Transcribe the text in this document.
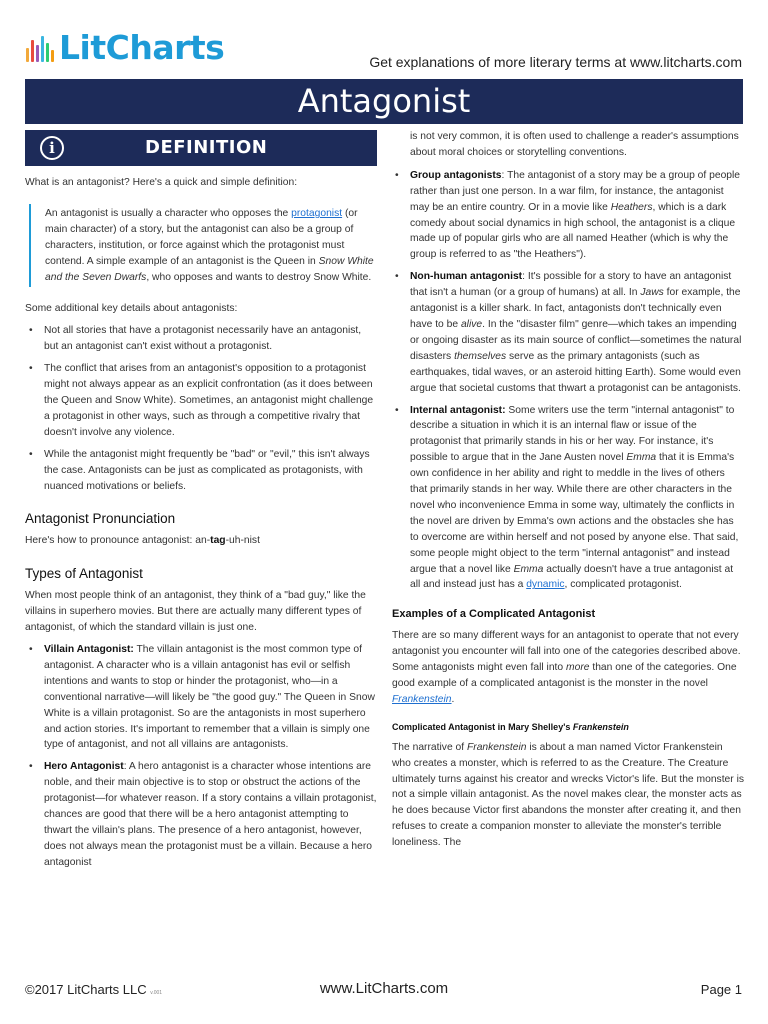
LitCharts	Get explanations of more literary terms at www.litcharts.com
Antagonist
i	DEFINITION

What is an antagonist? Here's a quick and simple definition:

An antagonist is usually a character who opposes the protagonist (or main character) of a story, but the antagonist can also be a group of characters, institution, or force against which the protagonist must contend. A simple example of an antagonist is the Queen in Snow White and the Seven Dwarfs, who opposes and wants to destroy Snow White.

Some additional key details about antagonists:

• Not all stories that have a protagonist necessarily have an antagonist, but an antagonist can't exist without a protagonist.
• The conflict that arises from an antagonist's opposition to a protagonist might not always appear as an explicit confrontation (as it does between the Queen and Snow White). Sometimes, an antagonist might challenge a protagonist in other ways, such as through a competitive rivalry that doesn't involve any violence.
• While the antagonist might frequently be "bad" or "evil," this isn't always the case. Antagonists can be just as complicated as protagonists, with nuanced motivations or beliefs.
Antagonist Pronunciation

Here's how to pronounce antagonist: an-tag-uh-nist

Types of Antagonist

When most people think of an antagonist, they think of a "bad guy," like the villains in superhero movies. But there are actually many different types of antagonist, of which the standard villain is just one.

• Villain Antagonist: The villain antagonist is the most common type of antagonist. A character who is a villain antagonist has evil or selfish intentions and wants to stop or hinder the protagonist, who—in a conventional narrative—will likely be "the good guy." The Queen in Snow White is a villain protagonist. So are the antagonists in most superhero and action stories. It's important to remember that a villain is simply one type of antagonist, and not all villains are antagonists.
• Hero Antagonist: A hero antagonist is a character whose intentions are noble, and their main objective is to stop or obstruct the actions of the protagonist—for whatever reason. If a story contains a villain protagonist, chances are good that there will be a hero antagonist attempting to thwart the villain's plans. The presence of a hero antagonist, however, does not always mean the protagonist must be a villain. Because a hero antagonist

is not very common, it is often used to challenge a reader's assumptions about moral choices or storytelling conventions.

• Group antagonists: The antagonist of a story may be a group of people rather than just one person. In a war film, for instance, the antagonist may be an entire country. Or in a movie like Heathers, which is a dark comedy about social dynamics in high school, the antagonist is a clique made up of popular girls who are all named Heather (which is why the group is referred to as "the Heathers").
• Non-human antagonist: It's possible for a story to have an antagonist that isn't a human (or a group of humans) at all. In Jaws for example, the antagonist is a killer shark. In fact, antagonists don't technically even have to be alive. In the "disaster film" genre—which takes an impending or ongoing disaster as its main source of conflict—sometimes the natural disasters themselves serve as the primary antagonists (such as earthquakes, tidal waves, or an asteroid hitting Earth). Some would even argue that societal customs that thwart a protagonist can be antagonists.
• Internal antagonist: Some writers use the term "internal antagonist" to describe a situation in which it is an internal flaw or issue of the protagonist that primarily stands in his or her way. For instance, it's possible to argue that in the Jane Austen novel Emma that it is Emma's own confidence in her ability and right to meddle in the lives of others that primarily stands in her way. While there are other characters in the novel who inconvenience Emma in some way, ultimately the conflicts in the novel are driven by Emma's own actions and the obstacles she has to overcome are within herself and not posed by anyone else. That said, some people might object to the term "internal antagonist" and instead argue that a novel like Emma actually doesn't have a true antagonist at all and instead just has a dynamic, complicated protagonist.
Examples of a Complicated Antagonist

There are so many different ways for an antagonist to operate that not every antagonist you encounter will fall into one of the categories described above. Some antagonists might even fall into more than one of the categories. One good example of a complicated antagonist is the monster in the novel Frankenstein.

Complicated Antagonist in Mary Shelley's Frankenstein

The narrative of Frankenstein is about a man named Victor Frankenstein who creates a monster, which is referred to as the Creature. The Creature ultimately turns against his creator and wrecks Victor's life. But the monster is not a simple villain antagonist. As the novel makes clear, the monster acts as he does because Victor first abandons the monster after creating it, and then refuses to create a companion monster to alleviate the monster's terrible loneliness. The

©2017 LitCharts LLC v.001	www.LitCharts.com	Page 1
